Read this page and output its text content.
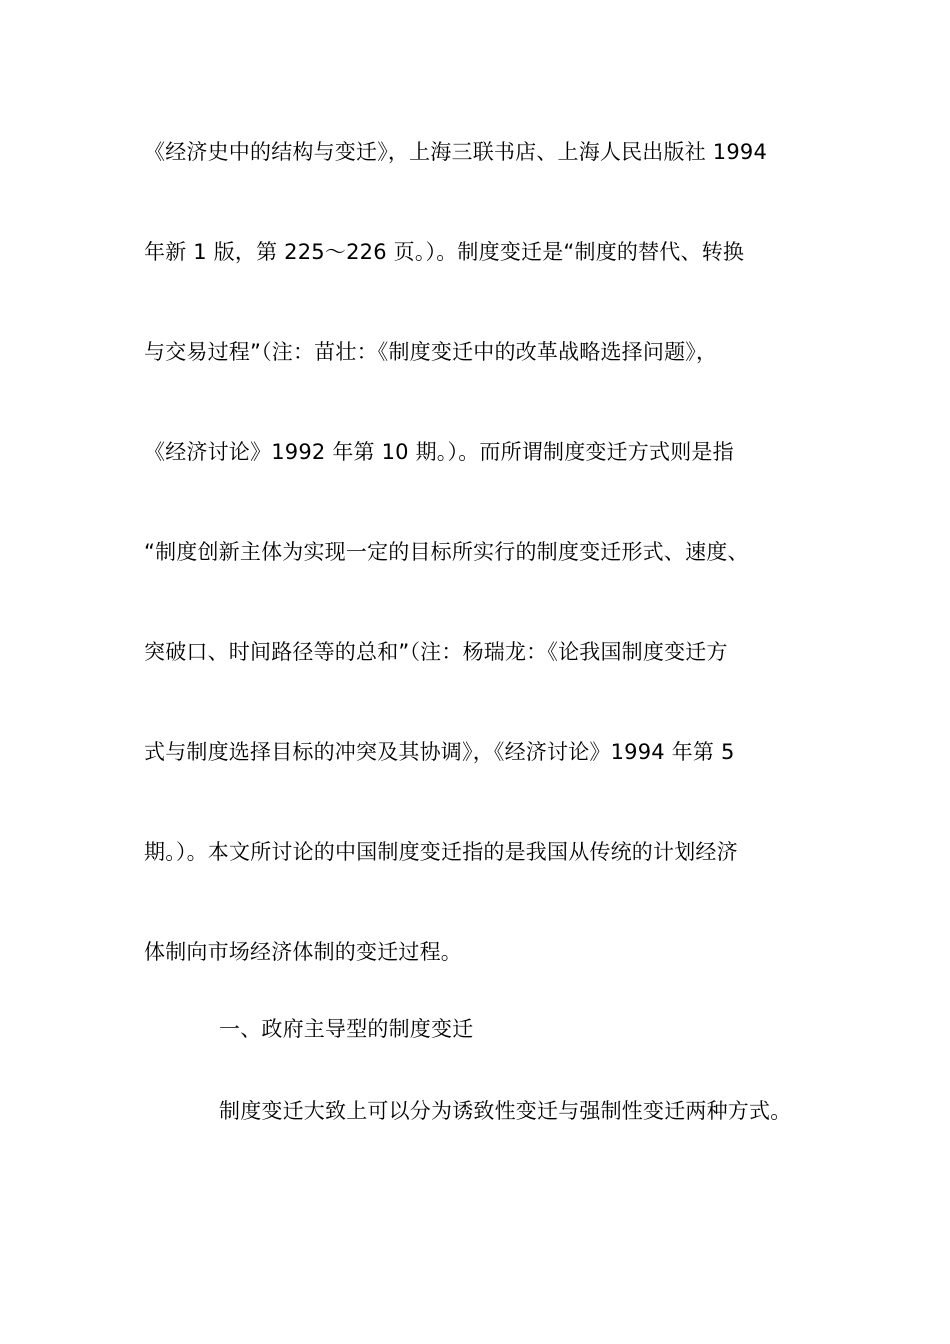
《经济史中的结构与变迁》，上海三联书店、上海人民出版社 1994
年新 1 版，第 225～226 页。）。制度变迁是“制度的替代、转换
与交易过程”（注：苗壮：《制度变迁中的改革战略选择问题》，
《经济讨论》1992 年第 10 期。）。而所谓制度变迁方式则是指
“制度创新主体为实现一定的目标所实行的制度变迁形式、速度、
突破口、时间路径等的总和”（注：杨瑞龙：《论我国制度变迁方
式与制度选择目标的冲突及其协调》，《经济讨论》1994 年第 5
期。）。本文所讨论的中国制度变迁指的是我国从传统的计划经济
体制向市场经济体制的变迁过程。
一、政府主导型的制度变迁
制度变迁大致上可以分为诱致性变迁与强制性变迁两种方式。
